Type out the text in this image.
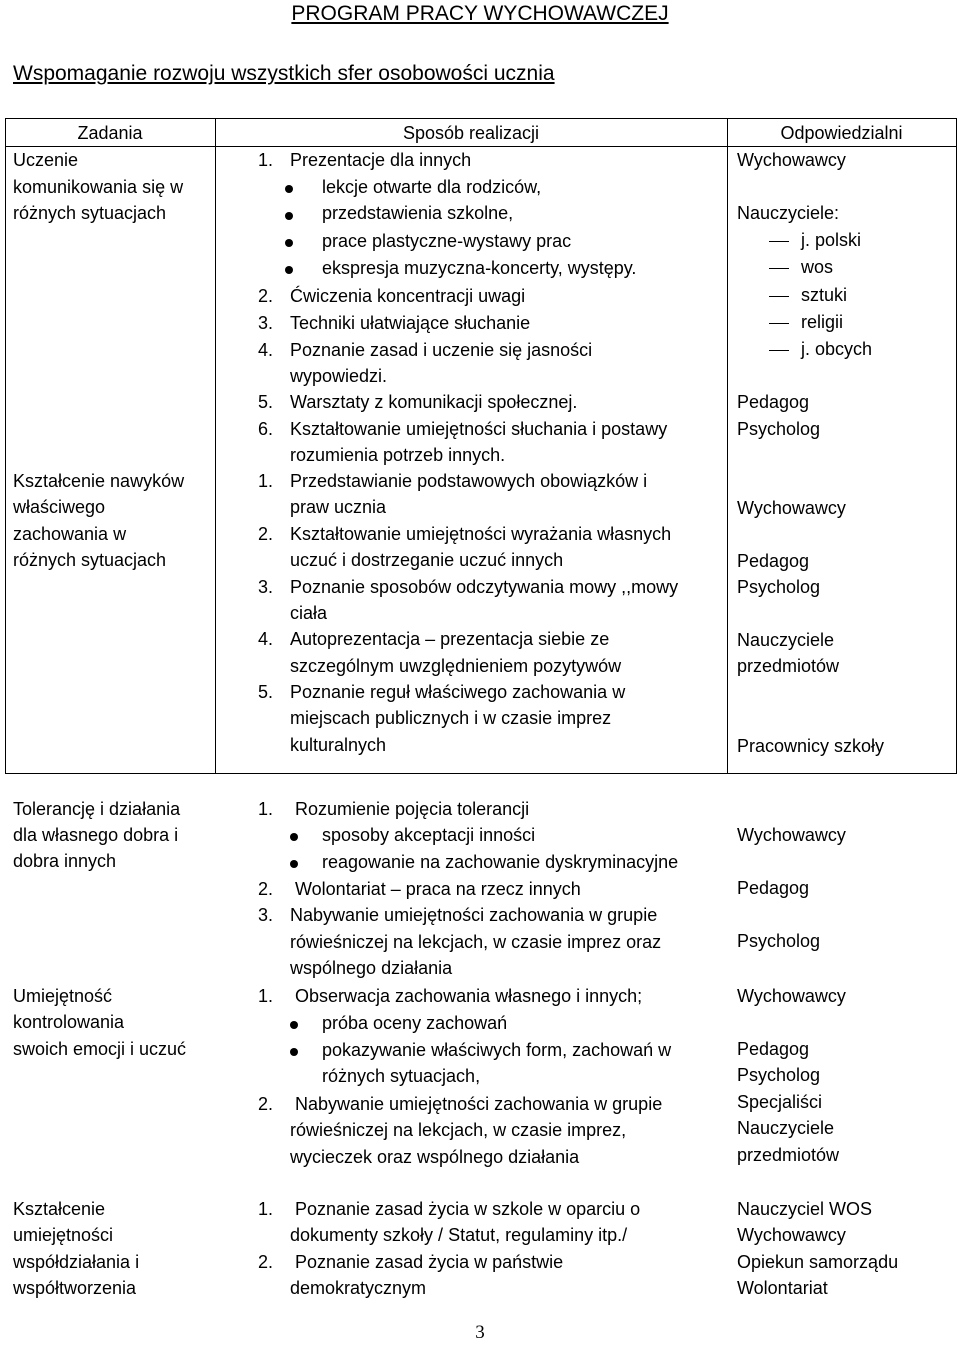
PROGRAM PRACY WYCHOWAWCZEJ
Wspomaganie rozwoju wszystkich sfer osobowości ucznia
Zadania	Sposób realizacji	Odpowiedzialni
Uczenie
komunikowania się w
różnych sytuacjach
1. Prezentacje dla innych
lekcje otwarte dla rodziców,
przedstawienia szkolne,
prace plastyczne-wystawy prac
ekspresja muzyczna-koncerty, występy.
2. Ćwiczenia koncentracji uwagi
3. Techniki ułatwiające słuchanie
4. Poznanie zasad i uczenie się jasności
wypowiedzi.
5. Warsztaty z komunikacji społecznej.
6. Kształtowanie umiejętności słuchania i postawy
rozumienia potrzeb innych.
Wychowawcy
Nauczyciele:
j. polski
wos
sztuki
religii
j. obcych
Pedagog
Psycholog
Kształcenie nawyków
właściwego
zachowania w
różnych sytuacjach
1. Przedstawianie podstawowych obowiązków i
praw ucznia
2. Kształtowanie umiejętności wyrażania własnych
uczuć i dostrzeganie uczuć innych
3. Poznanie sposobów odczytywania mowy ,,mowy
ciała
4. Autoprezentacja – prezentacja siebie ze
szczególnym uwzględnieniem pozytywów
5. Poznanie reguł właściwego zachowania w
miejscach publicznych i w czasie imprez
kulturalnych
Wychowawcy
Pedagog
Psycholog
Nauczyciele
przedmiotów
Pracownicy szkoły
Tolerancję i działania
dla własnego dobra i
dobra innych
1. Rozumienie pojęcia tolerancji
sposoby akceptacji inności
reagowanie na zachowanie dyskryminacyjne
2. Wolontariat – praca na rzecz innych
3. Nabywanie umiejętności zachowania w grupie
rówieśniczej na lekcjach, w czasie imprez oraz
wspólnego działania
Wychowawcy
Pedagog
Psycholog
Umiejętność
kontrolowania
swoich emocji i uczuć
1. Obserwacja zachowania własnego i innych;
próba oceny zachowań
pokazywanie właściwych form, zachowań w
różnych sytuacjach,
2. Nabywanie umiejętności zachowania w grupie
rówieśniczej na lekcjach, w czasie imprez,
wycieczek oraz wspólnego działania
Wychowawcy
Pedagog
Psycholog
Specjaliści
Nauczyciele
przedmiotów
Kształcenie
umiejętności
współdziałania i
współtworzenia
1. Poznanie zasad życia w szkole w oparciu o
dokumenty szkoły / Statut, regulaminy itp./
2. Poznanie zasad życia w państwie
demokratycznym
Nauczyciel WOS
Wychowawcy
Opiekun samorządu
Wolontariat
3
